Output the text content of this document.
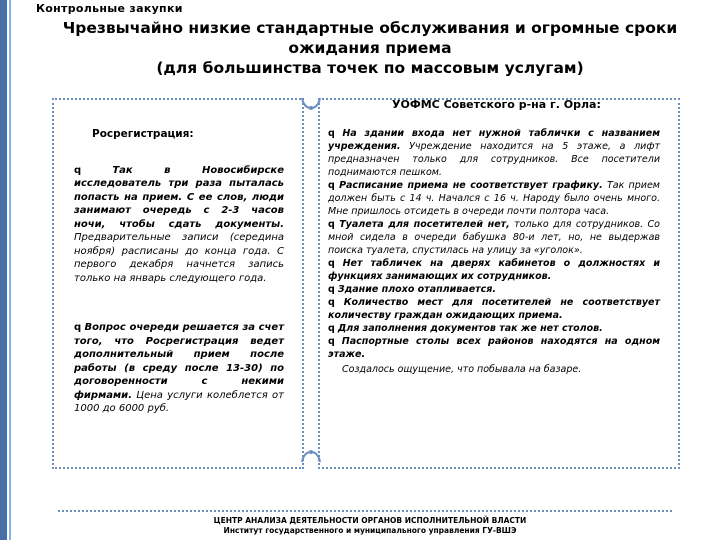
Контрольные закупки
Чрезвычайно низкие стандартные обслуживания и огромные сроки
ожидания приема
(для большинства точек по массовым услугам)
УОФМС Советского р-на г. Орла:
Росрегистрация:

q	Так в Новосибирске исследователь три раза пыталась попасть на прием. С ее слов, люди занимают очередь с 2-3 часов ночи, чтобы сдать документы. Предварительные записи (середина ноября) расписаны до конца года. С первого декабря начнется запись только на январь следующего года.

q Вопрос очереди решается за счет того, что Росрегистрация ведет дополнительный прием после работы (в среду после 13-30) по договоренности с некими фирмами. Цена услуги колеблется от 1000 до 6000 руб.

q На здании входа нет нужной таблички с названием учреждения. Учреждение находится на 5 этаже, а лифт предназначен только для сотрудников. Все посетители поднимаются пешком.

q Расписание приема не соответствует графику. Так прием должен быть с 14 ч. Начался с 16 ч. Народу было очень много. Мне пришлось отсидеть в очереди почти полтора часа.

q Туалета для посетителей нет, только для сотрудников. Со мной сидела в очереди бабушка 80-и лет, но, не выдержав поиска туалета, спустилась на улицу за «уголок».

q Нет табличек на дверях кабинетов о должностях и функциях занимающих их сотрудников.

q Здание плохо отапливается.

q Количество мест для посетителей не соответствует количеству граждан ожидающих приема.

q Для заполнения документов так же нет столов.

q Паспортные столы всех районов находятся на одном этаже.

Создалось ощущение, что побывала на базаре.

ЦЕНТР АНАЛИЗА ДЕЯТЕЛЬНОСТИ ОРГАНОВ ИСПОЛНИТЕЛЬНОЙ ВЛАСТИ
Институт государственного и муниципального управления ГУ-ВШЭ
